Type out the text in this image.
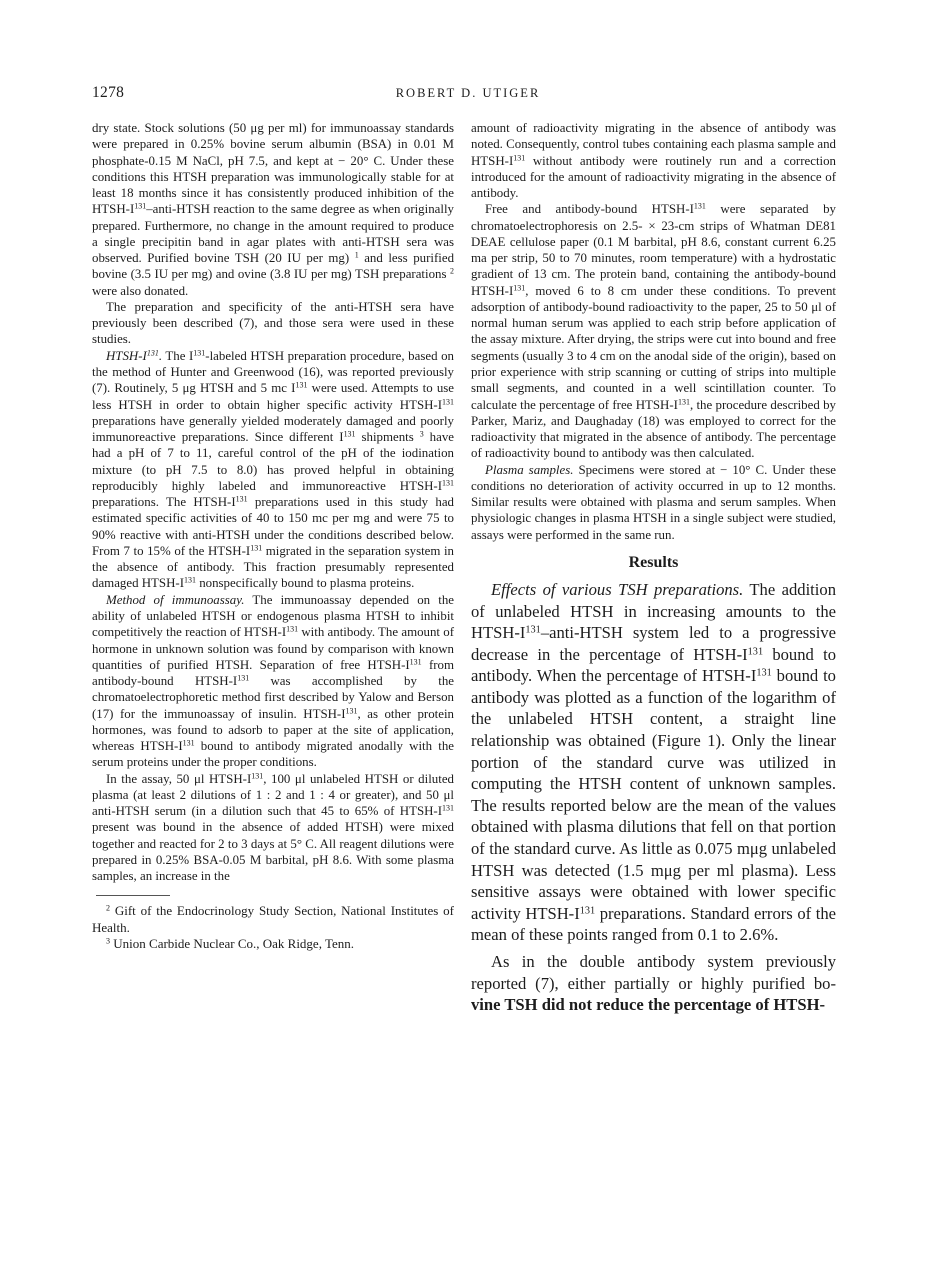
1278	ROBERT D. UTIGER

dry state. Stock solutions (50 μg per ml) for immunoassay standards were prepared in 0.25% bovine serum albumin (BSA) in 0.01 M phosphate-0.15 M NaCl, pH 7.5, and kept at − 20° C. Under these conditions this HTSH preparation was immunologically stable for at least 18 months since it has consistently produced inhibition of the HTSH-$I^{131}-anti$-HTSH reaction to the same degree as when originally prepared. Furthermore, no change in the amount required to produce a single precipitin band in agar plates with anti-HTSH sera was observed. Purified bovine TSH (20 IU per mg) $^1$ and less purified bovine (3.5 IU per mg) and ovine (3.8 IU per mg) TSH preparations $^2$ were also donated.

The preparation and specificity of the anti-HTSH sera have previously been described (7), and those sera were used in these studies.

HTSH-$I^{131}$. The $I^{131}$-labeled HTSH preparation procedure, based on the method of Hunter and Greenwood (16), was reported previously (7). Routinely, 5 μg HTSH and 5 mc $I^{131}$ were used. Attempts to use less HTSH in order to obtain higher specific activity HTSH-$I^{131}$ preparations have generally yielded moderately damaged and poorly immunoreactive preparations. Since different $I^{131}$ shipments $^3$ have had a pH of 7 to 11, careful control of the pH of the iodination mixture (to pH 7.5 to 8.0) has proved helpful in obtaining reproducibly highly labeled and immunoreactive HTSH-$I^{131}$ preparations. The HTSH-$I^{131}$ preparations used in this study had estimated specific activities of 40 to 150 mc per mg and were 75 to 90% reactive with anti-HTSH under the conditions described below. From 7 to 15% of the HTSH-$I^{131}$ migrated in the separation system in the absence of antibody. This fraction presumably represented damaged HTSH-$I^{131}$ nonspecifically bound to plasma proteins.

Method of immunoassay. The immunoassay depended on the ability of unlabeled HTSH or endogenous plasma HTSH to inhibit competitively the reaction of HTSH-$I^{131}$ with antibody. The amount of hormone in unknown solution was found by comparison with known quantities of purified HTSH. Separation of free HTSH-$I^{131}$ from antibody-bound HTSH-$I^{131}$ was accomplished by the chromatoelectrophoretic method first described by Yalow and Berson (17) for the immunoassay of insulin. HTSH-$I^{131}$, as other protein hormones, was found to adsorb to paper at the site of application, whereas HTSH-$I^{131}$ bound to antibody migrated anodally with the serum proteins under the proper conditions.

In the assay, 50 μl HTSH-$I^{131}$, 100 μl unlabeled HTSH or diluted plasma (at least 2 dilutions of 1 : 2 and 1 : 4 or greater), and 50 μl anti-HTSH serum (in a dilution such that 45 to 65% of HTSH-$I^{131}$ present was bound in the absence of added HTSH) were mixed together and reacted for 2 to 3 days at 5° C. All reagent dilutions were prepared in 0.25% BSA-0.05 M barbital, pH 8.6. With some plasma samples, an increase in the

$^2$ Gift of the Endocrinology Study Section, National Institutes of Health.

$^3$ Union Carbide Nuclear Co., Oak Ridge, Tenn.

amount of radioactivity migrating in the absence of antibody was noted. Consequently, control tubes containing each plasma sample and HTSH-$I^{131}$ without antibody were routinely run and a correction introduced for the amount of radioactivity migrating in the absence of antibody.

Free and antibody-bound HTSH-$I^{131}$ were separated by chromatoelectrophoresis on 2.5- × 23-cm strips of Whatman DE81 DEAE cellulose paper (0.1 M barbital, pH 8.6, constant current 6.25 ma per strip, 50 to 70 minutes, room temperature) with a hydrostatic gradient of 13 cm. The protein band, containing the antibody-bound HTSH-$I^{131}$, moved 6 to 8 cm under these conditions. To prevent adsorption of antibody-bound radioactivity to the paper, 25 to 50 μl of normal human serum was applied to each strip before application of the assay mixture. After drying, the strips were cut into bound and free segments (usually 3 to 4 cm on the anodal side of the origin), based on prior experience with strip scanning or cutting of strips into multiple small segments, and counted in a well scintillation counter. To calculate the percentage of free HTSH-$I^{131}$, the procedure described by Parker, Mariz, and Daughaday (18) was employed to correct for the radioactivity that migrated in the absence of antibody. The percentage of radioactivity bound to antibody was then calculated.

Plasma samples. Specimens were stored at − 10° C. Under these conditions no deterioration of activity occurred in up to 12 months. Similar results were obtained with plasma and serum samples. When physiologic changes in plasma HTSH in a single subject were studied, assays were performed in the same run.

Results

Effects of various TSH preparations. The addition of unlabeled HTSH in increasing amounts to the HTSH-$I^{131}-anti$-HTSH system led to a progressive decrease in the percentage of HTSH-$I^{131}$ bound to antibody. When the percentage of HTSH-$I^{131}$ bound to antibody was plotted as a function of the logarithm of the unlabeled HTSH content, a straight line relationship was obtained (Figure 1). Only the linear portion of the standard curve was utilized in computing the HTSH content of unknown samples. The results reported below are the mean of the values obtained with plasma dilutions that fell on that portion of the standard curve. As little as 0.075 mμg unlabeled HTSH was detected (1.5 mμg per ml plasma). Less sensitive assays were obtained with lower specific activity HTSH-$I^{131}$ preparations. Standard errors of the mean of these points ranged from 0.1 to 2.6%.

As in the double antibody system previously reported (7), either partially or highly purified bo- vine TSH did not reduce the percentage of HTSH-
